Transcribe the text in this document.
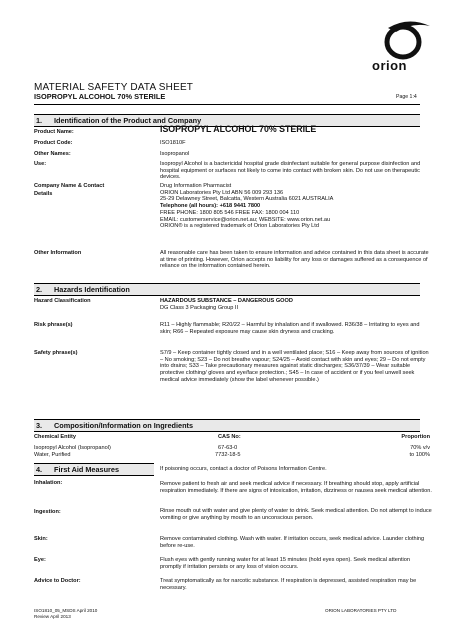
orion
MATERIAL SAFETY DATA SHEET
ISOPROPYL ALCOHOL 70% STERILE	Page 1:4
1. Identification of the Product and Company
Product Name:	ISOPROPYL ALCOHOL 70% STERILE
Product Code:	ISO1810F
Other Names:	Isopropanol
Use:	Isopropyl Alcohol is a bactericidal hospital grade disinfectant suitable for general purpose disinfection and hospital equipment or surfaces not likely to come into contact with broken skin. Do not use on therapeutic devices.
Company Name & Contact
Details
Drug Information Pharmacist
ORION Laboratories Pty Ltd ABN 56 009 293 136
25-29 Delawney Street, Balcatta, Western Australia 6021 AUSTRALIA
Telephone (all hours): +618 9441 7800
FREE PHONE: 1800 805 546 FREE FAX: 1800 004 110
EMAIL: customerservice@orion.net.au; WEBSITE: www.orion.net.au
ORION® is a registered trademark of Orion Laboratories Pty Ltd
Other Information	All reasonable care has been taken to ensure information and advice contained in this data sheet is accurate at time of printing. However, Orion accepts no liability for any loss or damages suffered as a consequence of reliance on the information contained herein.
2. Hazards Identification
Hazard Classification	HAZARDOUS SUBSTANCE – DANGEROUS GOOD
DG Class 3 Packaging Group II
Risk phrase(s)	R11 – Highly flammable; R20/22 – Harmful by inhalation and if swallowed. R36/38 – Irritating to eyes and skin; R66 – Repeated exposure may cause skin dryness and cracking.
Safety phrase(s)	S7/9 – Keep container tightly closed and in a well ventilated place; S16 – Keep away from sources of ignition – No smoking; S23 – Do not breathe vapour; S24/25 – Avoid contact with skin and eyes; 29 – Do not empty into drains; S33 – Take precautionary measures against static discharges; S36/37/39 – Wear suitable protective clothing/ gloves and eye/face protection.; S45 – In case of accident or if you feel unwell seek medical advice immediately (show the label whenever possible.)
3. Composition/Information on Ingredients
Chemical Entity	CAS No:	Proportion
Isopropyl Alcohol (Isopropanol)	67-63-0	70% v/v
Water, Purified	7732-18-5	to 100%
4. First Aid Measures	If poisoning occurs, contact a doctor of Poisons Information Centre.
Inhalation:	Remove patient to fresh air and seek medical advice if necessary. If breathing should stop, apply artificial respiration immediately. If there are signs of intoxication, irritation, dizziness or nausea seek medical attention.
Ingestion:	Rinse mouth out with water and give plenty of water to drink. Seek medical attention. Do not attempt to induce vomiting or give anything by mouth to an unconscious person.
Skin:	Remove contaminated clothing. Wash with water. If irritation occurs, seek medical advice. Launder clothing before re-use.
Eye:	Flush eyes with gently running water for at least 15 minutes (hold eyes open). Seek medical attention promptly if irritation persists or any loss of vision occurs.
Advice to Doctor:	Treat symptomatically as for narcotic substance. If respiration is depressed, assisted respiration may be necessary.
ISO1810_05_MSDS April 2010
Review April 2013
ORION LABORATORIES PTY LTD
